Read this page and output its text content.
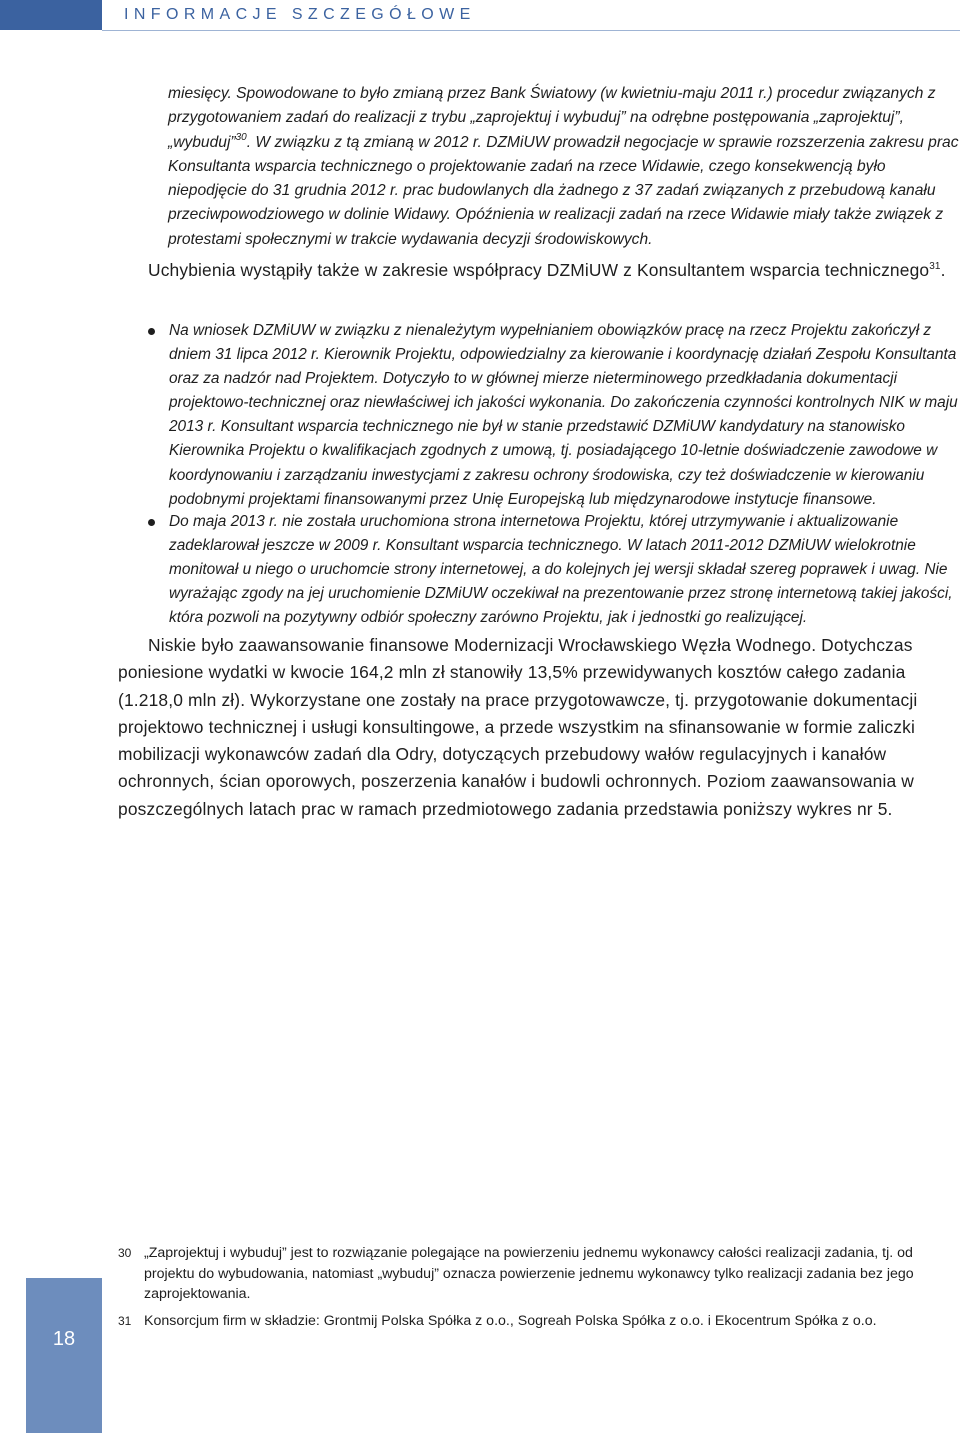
INFORMACJE SZCZEGÓŁOWE

miesięcy. Spowodowane to było zmianą przez Bank Światowy (w kwietniu-maju 2011 r.) procedur związanych z przygotowaniem zadań do realizacji z trybu „zaprojektuj i wybuduj” na odrębne postępowania „zaprojektuj”, „wybuduj”$^{30}$. W związku z tą zmianą w 2012 r. DZMiUW prowadził negocjacje w sprawie rozszerzenia zakresu prac Konsultanta wsparcia technicznego o projektowanie zadań na rzece Widawie, czego konsekwencją było niepodjęcie do 31 grudnia 2012 r. prac budowlanych dla żadnego z 37 zadań związanych z przebudową kanału przeciwpowodziowego w dolinie Widawy. Opóźnienia w realizacji zadań na rzece Widawie miały także związek z protestami społecznymi w trakcie wydawania decyzji środowiskowych.

Uchybienia wystąpiły także w zakresie współpracy DZMiUW z Konsultantem wsparcia technicznego$^{31}$.

Na wniosek DZMiUW w związku z nienależytym wypełnianiem obowiązków pracę na rzecz Projektu zakończył z dniem 31 lipca 2012 r. Kierownik Projektu, odpowiedzialny za kierowanie i koordynację działań Zespołu Konsultanta oraz za nadzór nad Projektem. Dotyczyło to w głównej mierze nieterminowego przedkładania dokumentacji projektowo-technicznej oraz niewłaściwej ich jakości wykonania. Do zakończenia czynności kontrolnych NIK w maju 2013 r. Konsultant wsparcia technicznego nie był w stanie przedstawić DZMiUW kandydatury na stanowisko Kierownika Projektu o kwalifikacjach zgodnych z umową, tj. posiadającego 10-letnie doświadczenie zawodowe w koordynowaniu i zarządzaniu inwestycjami z zakresu ochrony środowiska, czy też doświadczenie w kierowaniu podobnymi projektami finansowanymi przez Unię Europejską lub międzynarodowe instytucje finansowe.

Do maja 2013 r. nie została uruchomiona strona internetowa Projektu, której utrzymywanie i aktualizowanie zadeklarował jeszcze w 2009 r. Konsultant wsparcia technicznego. W latach 2011-2012 DZMiUW wielokrotnie monitował u niego o uruchomcie strony internetowej, a do kolejnych jej wersji składał szereg poprawek i uwag. Nie wyrażając zgody na jej uruchomienie DZMiUW oczekiwał na prezentowanie przez stronę internetową takiej jakości, która pozwoli na pozytywny odbiór społeczny zarówno Projektu, jak i jednostki go realizującej.

Niskie było zaawansowanie finansowe Modernizacji Wrocławskiego Węzła Wodnego. Dotychczas poniesione wydatki w kwocie 164,2 mln zł stanowiły 13,5% przewidywanych kosztów całego zadania (1.218,0 mln zł). Wykorzystane one zostały na prace przygotowawcze, tj. przygotowanie dokumentacji projektowo technicznej i usługi konsultingowe, a przede wszystkim na sfinansowanie w formie zaliczki mobilizacji wykonawców zadań dla Odry, dotyczących przebudowy wałów regulacyjnych i kanałów ochronnych, ścian oporowych, poszerzenia kanałów i budowli ochronnych. Poziom zaawansowania w poszczególnych latach prac w ramach przedmiotowego zadania przedstawia poniższy wykres nr 5.

30 „Zaprojektuj i wybuduj” jest to rozwiązanie polegające na powierzeniu jednemu wykonawcy całości realizacji zadania, tj. od projektu do wybudowania, natomiast „wybuduj” oznacza powierzenie jednemu wykonawcy tylko realizacji zadania bez jego zaprojektowania.

31 Konsorcjum firm w składzie: Grontmij Polska Spółka z o.o., Sogreah Polska Spółka z o.o. i Ekocentrum Spółka z o.o.

18
